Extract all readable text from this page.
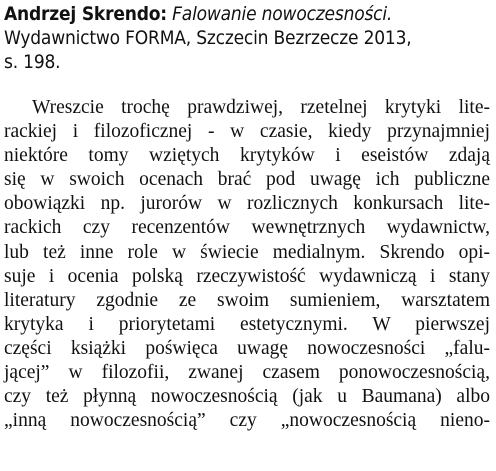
Andrzej Skrendo: Falowanie nowoczesności.
Wydawnictwo FORMA, Szczecin Bezrzecze 2013,
s. 198.
Wreszcie trochę prawdziwej, rzetelnej krytyki lite-
rackiej i filozoficznej - w czasie, kiedy przynajmniej
niektóre tomy wziętych krytyków i eseistów zdają
się w swoich ocenach brać pod uwagę ich publiczne
obowiązki np. jurorów w rozlicznych konkursach lite-
rackich czy recenzentów wewnętrznych wydawnictw,
lub też inne role w świecie medialnym. Skrendo opi-
suje i ocenia polską rzeczywistość wydawniczą i stany
literatury zgodnie ze swoim sumieniem, warsztatem
krytyka i priorytetami estetycznymi. W pierwszej
części książki poświęca uwagę nowoczesności „falu-
jącej” w filozofii, zwanej czasem ponowoczesnością,
czy też płynną nowoczesnością (jak u Baumana) albo
„inną nowoczesnością” czy „nowoczesnością nieno-
